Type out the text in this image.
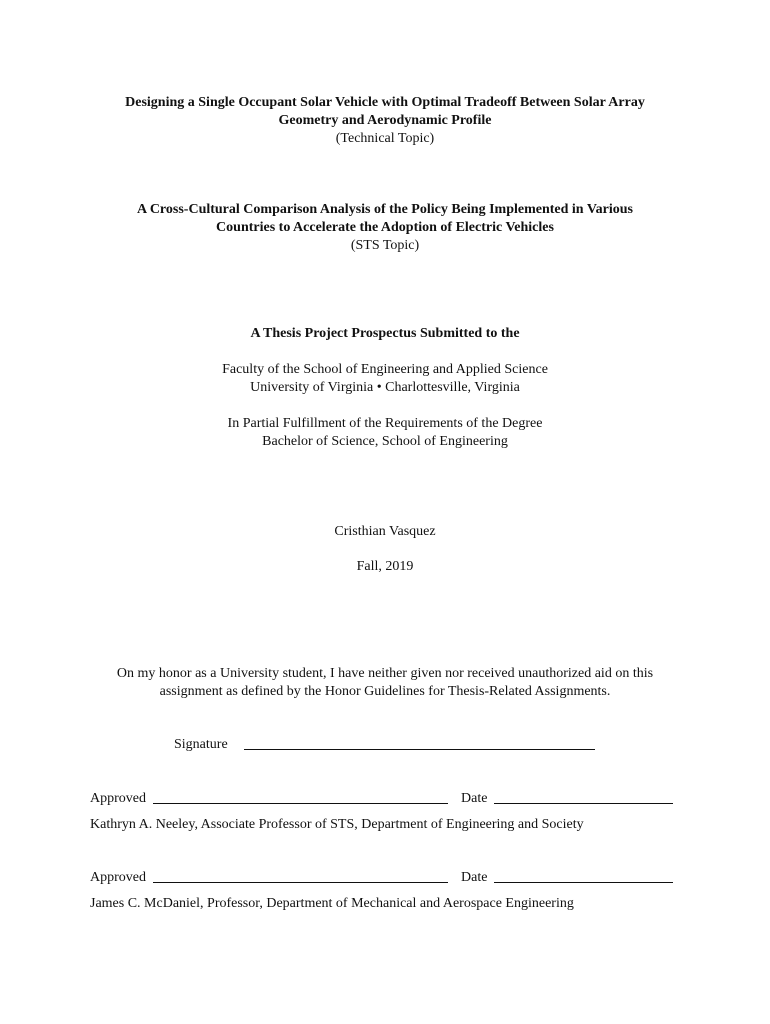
Designing a Single Occupant Solar Vehicle with Optimal Tradeoff Between Solar Array
Geometry and Aerodynamic Profile
(Technical Topic)
A Cross-Cultural Comparison Analysis of the Policy Being Implemented in Various
Countries to Accelerate the Adoption of Electric Vehicles
(STS Topic)
A Thesis Project Prospectus Submitted to the
Faculty of the School of Engineering and Applied Science
University of Virginia • Charlottesville, Virginia
In Partial Fulfillment of the Requirements of the Degree
Bachelor of Science, School of Engineering
Cristhian Vasquez
Fall, 2019
On my honor as a University student, I have neither given nor received unauthorized aid on this
assignment as defined by the Honor Guidelines for Thesis-Related Assignments.
Signature
Approved	Date
Kathryn A. Neeley, Associate Professor of STS, Department of Engineering and Society
Approved	Date
James C. McDaniel, Professor, Department of Mechanical and Aerospace Engineering
